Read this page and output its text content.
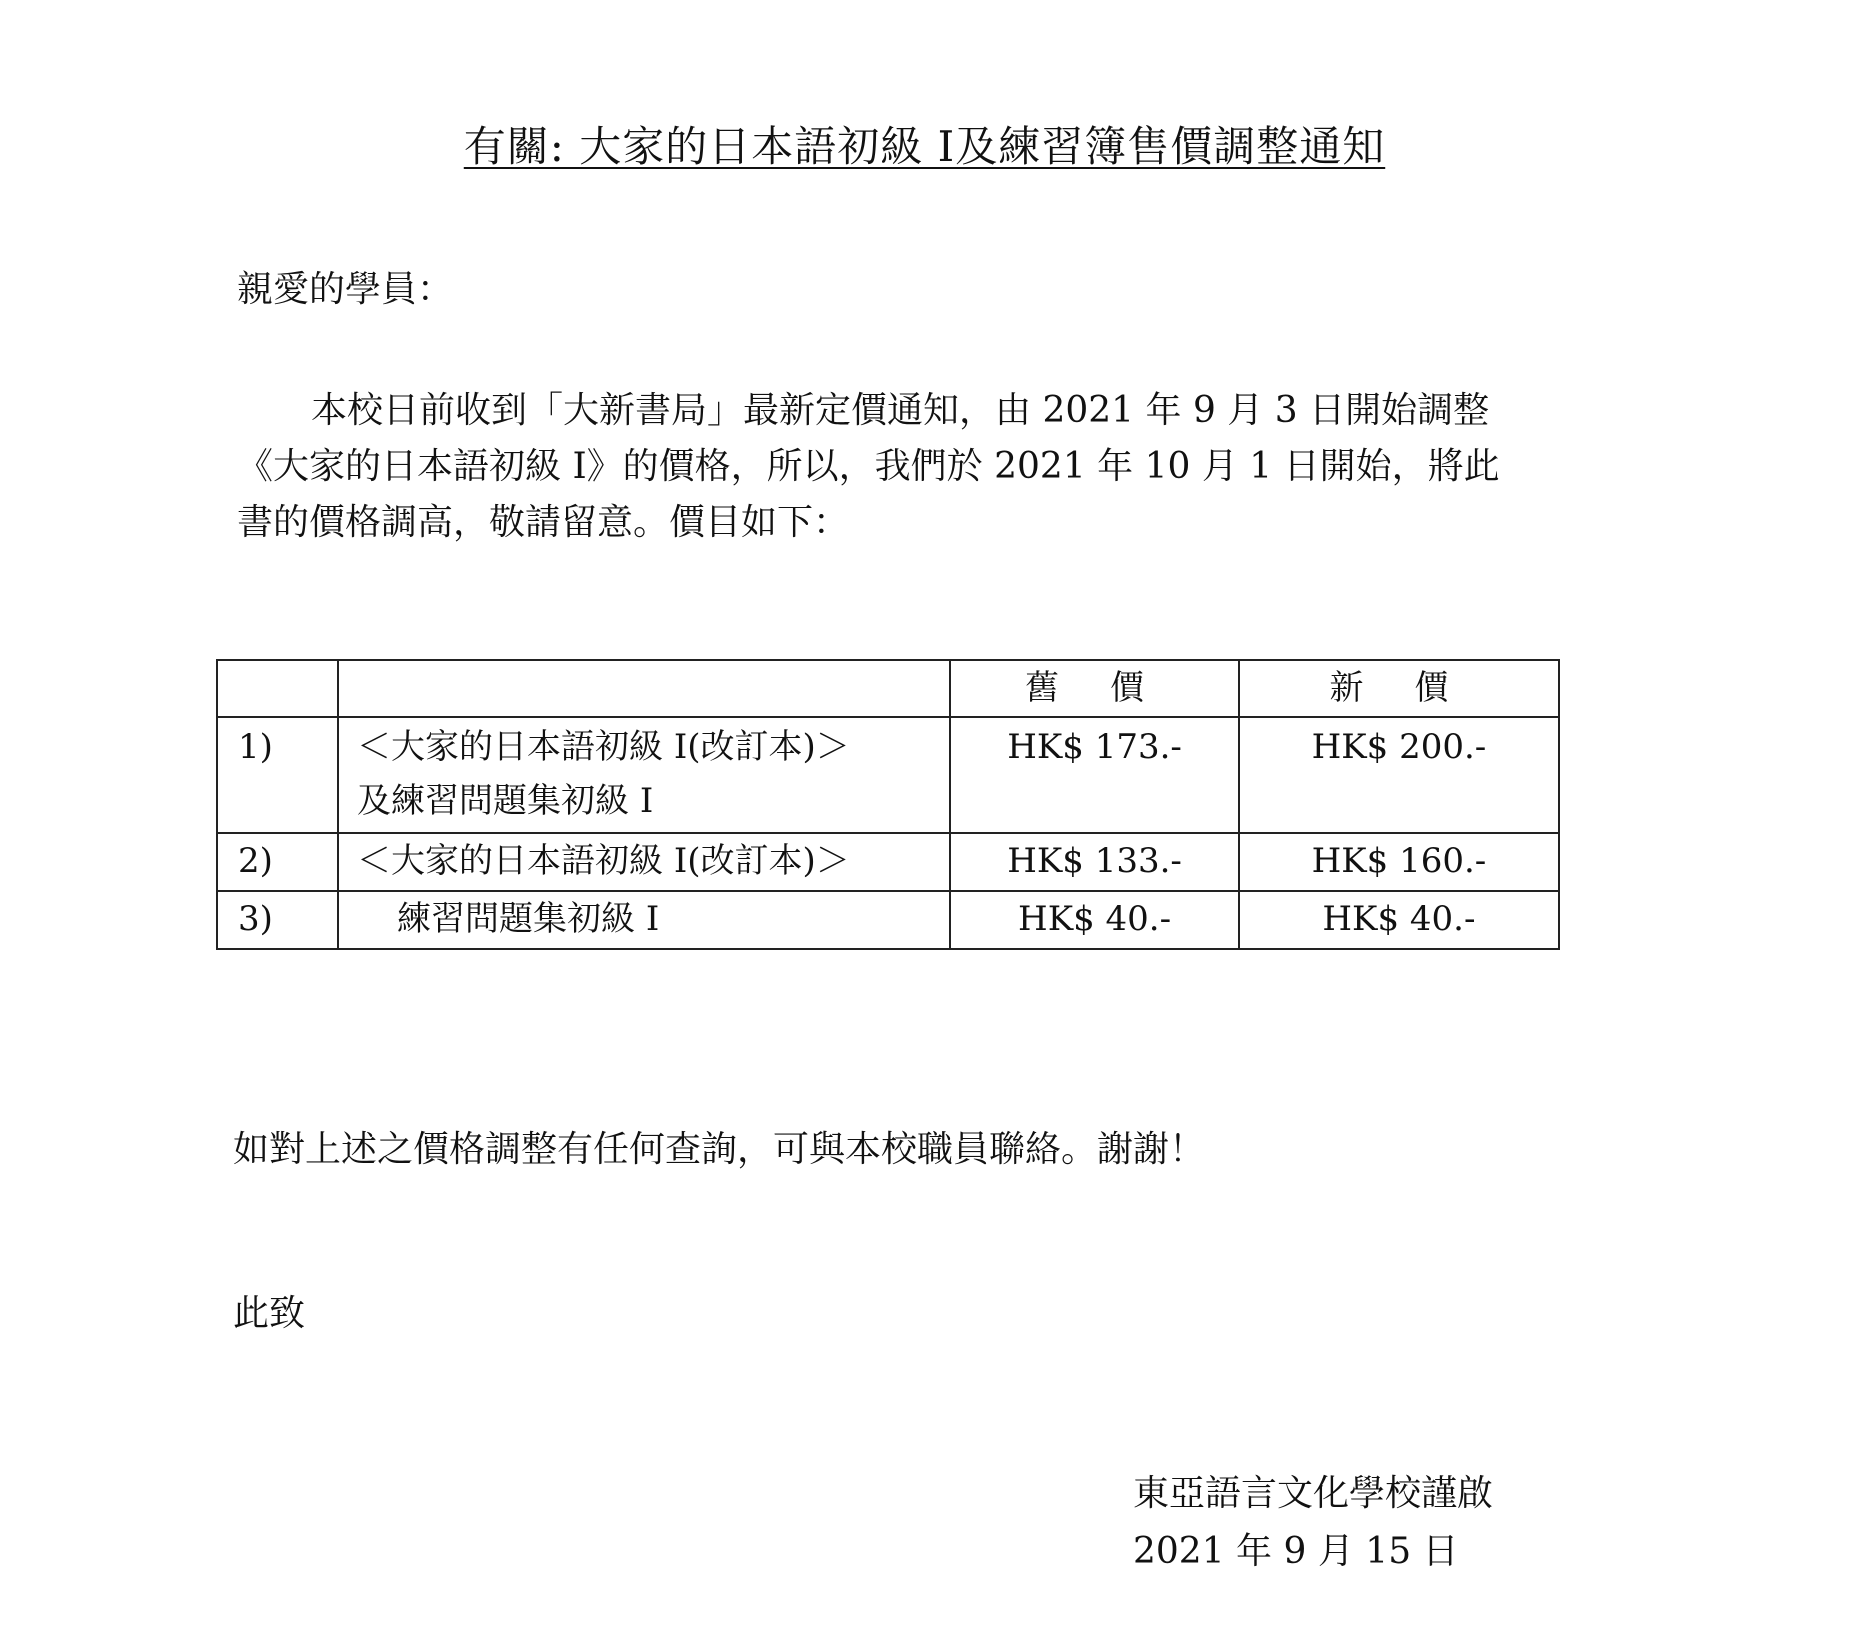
有關: 大家的日本語初級 I及練習簿售價調整通知
親愛的學員：
本校日前收到「大新書局」最新定價通知，由 2021 年 9 月 3 日開始調整
《大家的日本語初級 I》的價格，所以，我們於 2021 年 10 月 1 日開始，將此
書的價格調高，敬請留意。價目如下：
		舊 價	新 價
1)	＜大家的日本語初級 I(改訂本)＞
及練習問題集初級 I	HK$ 173.-	HK$ 200.-
2)	＜大家的日本語初級 I(改訂本)＞	HK$ 133.-	HK$ 160.-
3)	練習問題集初級 I	HK$ 40.-	HK$ 40.-
如對上述之價格調整有任何查詢，可與本校職員聯絡。謝謝！
此致
東亞語言文化學校謹啟
2021 年 9 月 15 日
